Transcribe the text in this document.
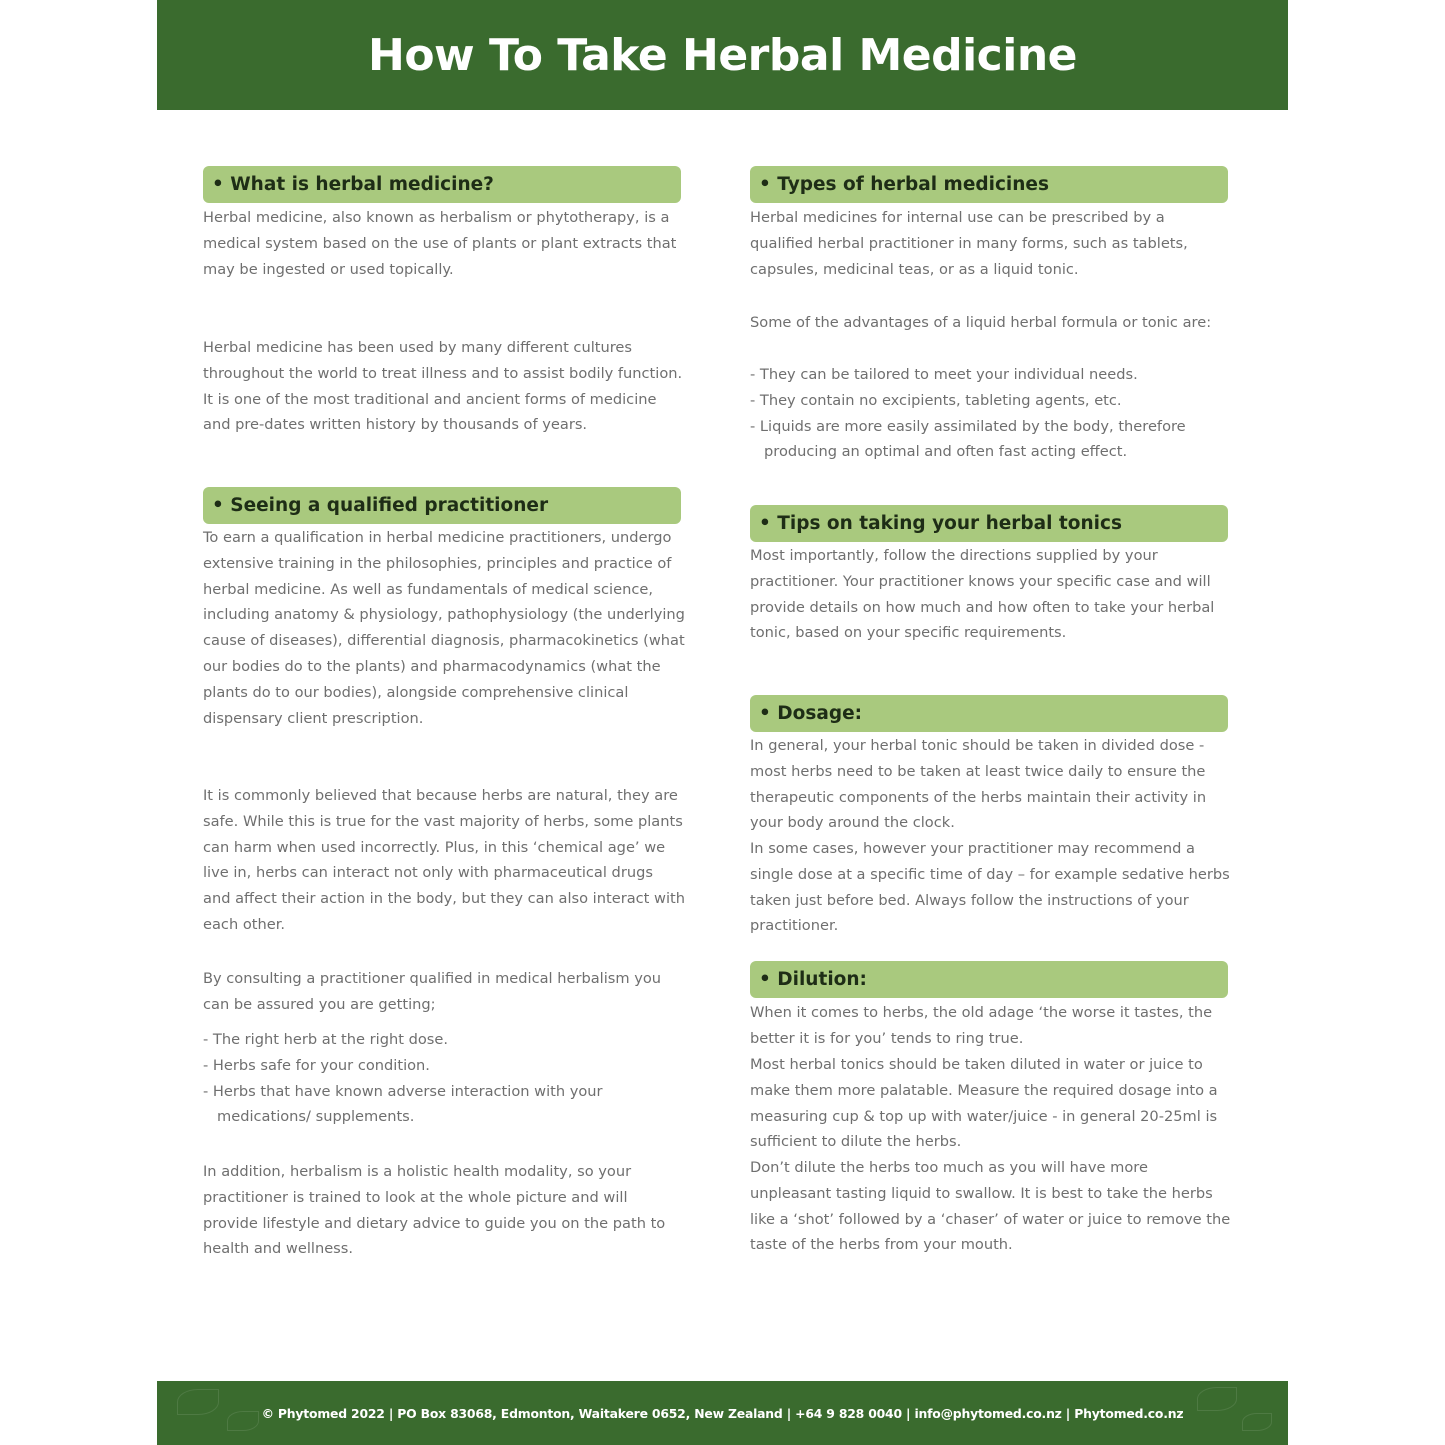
How To Take Herbal Medicine
• What is herbal medicine?

Herbal medicine, also known as herbalism or phytotherapy, is a medical system based on the use of plants or plant extracts that may be ingested or used topically.

Herbal medicine has been used by many different cultures throughout the world to treat illness and to assist bodily function. It is one of the most traditional and ancient forms of medicine and pre-dates written history by thousands of years.

• Seeing a qualified practitioner

To earn a qualification in herbal medicine practitioners, undergo extensive training in the philosophies, principles and practice of herbal medicine. As well as fundamentals of medical science, including anatomy & physiology, pathophysiology (the underlying cause of diseases), differential diagnosis, pharmacokinetics (what our bodies do to the plants) and pharmacodynamics (what the plants do to our bodies), alongside comprehensive clinical dispensary client prescription.

It is commonly believed that because herbs are natural, they are safe. While this is true for the vast majority of herbs, some plants can harm when used incorrectly. Plus, in this ‘chemical age’ we live in, herbs can interact not only with pharmaceutical drugs and affect their action in the body, but they can also interact with each other.

By consulting a practitioner qualified in medical herbalism you can be assured you are getting;

- The right herb at the right dose.
- Herbs safe for your condition.
- Herbs that have known adverse interaction with your medications/ supplements.

In addition, herbalism is a holistic health modality, so your practitioner is trained to look at the whole picture and will provide lifestyle and dietary advice to guide you on the path to health and wellness.

• Types of herbal medicines

Herbal medicines for internal use can be prescribed by a qualified herbal practitioner in many forms, such as tablets, capsules, medicinal teas, or as a liquid tonic.

Some of the advantages of a liquid herbal formula or tonic are:

- They can be tailored to meet your individual needs.
- They contain no excipients, tableting agents, etc.
- Liquids are more easily assimilated by the body, therefore producing an optimal and often fast acting effect.
• Tips on taking your herbal tonics

Most importantly, follow the directions supplied by your practitioner. Your practitioner knows your specific case and will provide details on how much and how often to take your herbal tonic, based on your specific requirements.

• Dosage:

In general, your herbal tonic should be taken in divided dose - most herbs need to be taken at least twice daily to ensure the therapeutic components of the herbs maintain their activity in your body around the clock.

In some cases, however your practitioner may recommend a single dose at a specific time of day – for example sedative herbs taken just before bed. Always follow the instructions of your practitioner.

• Dilution:

When it comes to herbs, the old adage ‘the worse it tastes, the better it is for you’ tends to ring true.

Most herbal tonics should be taken diluted in water or juice to make them more palatable. Measure the required dosage into a measuring cup & top up with water/juice - in general 20-25ml is sufficient to dilute the herbs.

Don’t dilute the herbs too much as you will have more unpleasant tasting liquid to swallow. It is best to take the herbs like a ‘shot’ followed by a ‘chaser’ of water or juice to remove the taste of the herbs from your mouth.

© Phytomed 2022 | PO Box 83068, Edmonton, Waitakere 0652, New Zealand | +64 9 828 0040 | info@phytomed.co.nz | Phytomed.co.nz
